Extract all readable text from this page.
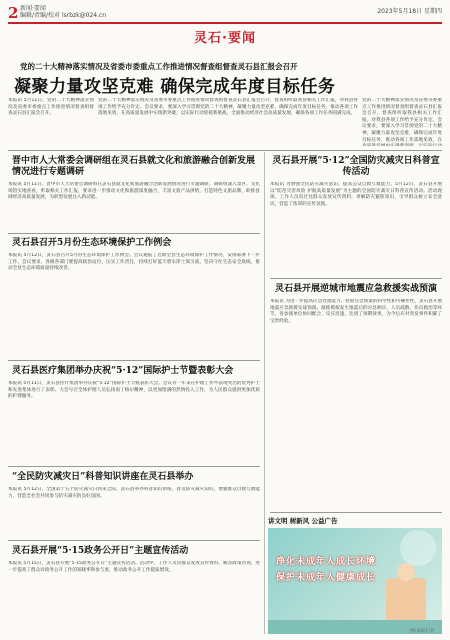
2 新闻·要闻
编辑/责编/校对 lsrbzk@024.cn
2023年5月18日 星期四
灵石·要闻
党的二十大精神落实情况及省委市委重点工作推进情况督查组督查灵石县汇报会召开
凝聚力量攻坚克难 确保完成年度目标任务
本报讯 5月11日，党的二十大精神落实情况及省委市委重点工作推进情况督查组督查灵石县汇报会召开。
党的二十大精神落实情况及省委市委重点工作推进情况督查组督查灵石县汇报会召开，督查组听取我县相关工作汇报，对我县各项工作给予充分肯定。会议要求，要深入学习贯彻党的二十大精神，凝聚力量攻坚克难，确保完成年度目标任务，推动各项工作落地见效，在高质量发展中实现新突破，以实际行动迎接新挑战，全面推动经济社会高质量发展，确保各项工作任务圆满完成。
党的二十大精神落实情况及省委市委重点工作推进情况督查组督查灵石县汇报会召开，督查组听取我县相关工作汇报，对我县各项工作给予充分肯定。会议要求，要深入学习贯彻党的二十大精神，凝聚力量攻坚克难，确保完成年度目标任务，推动各项工作落地见效，在
晋中市人大常委会调研组在灵石县就文化和旅游融合创新发展情况进行专题调研
本报讯 5月11日，晋中市人大常委会调研组在灵石县就文化和旅游融合创新发展情况进行专题调研。调研组深入景区、文化场馆实地查看，听取相关工作汇报，要求进一步推动文化和旅游深度融合，丰富文旅产品供给，打造特色文旅品牌，助推县域经济高质量发展，为转型发展注入新动能。
灵石县召开5月份生态环境保护工作例会
本报讯 5月12日，灵石县召开5月份生态环境保护工作例会。会议通报了近期全县生态环境保护工作情况，安排部署下一步工作。会议要求，各级各部门要提高政治站位，压实工作责任，持续打好蓝天碧水净土保卫战，坚决守住生态安全底线，推动全县生态环境质量持续改善。
灵石县医疗集团举办庆祝“5·12”国际护士节暨表彰大会
本报讯 5月11日，灵石县医疗集团举办庆祝“5·12”国际护士节暨表彰大会。会议对一年来在护理工作中表现突出的优秀护士和先进集体进行了表彰。大会号召全体护理人员弘扬南丁格尔精神，以更加饱满的热情投入工作，为人民群众提供更加优质的护理服务。
“全民防灾减灾日”科普知识讲座在灵石县举办
本报讯 5月12日，全国第十五个防灾减灾日到来之际，灵石县举办科普知识讲座，普及防灾减灾知识，增强群众自救互救能力，营造全社会共同参与防灾减灾的良好氛围。
灵石县开展“5·15政务公开日”主题宣传活动
本报讯 5月15日，灵石县开展“5·15政务公开日”主题宣传活动。活动中，工作人员向群众发放宣传资料，解答政策咨询，进一步提高了群众对政务公开工作的知晓率和参与度，推动政务公开工作提质增效。
灵石县开展“5·12”全国防灾减灾日科普宣传活动
本报讯 为增强全民防灾减灾意识，提高公众自救互救能力，5月12日，灵石县开展以“防范灾害风险 护航高质量发展”为主题的全国防灾减灾日科普宣传活动。活动现场，工作人员向过往群众发放宣传资料，讲解防灾避险知识，引导群众树立安全意识，营造了浓厚的宣传氛围。
灵石县开展逆城市地震应急救援实战预演
本报讯 为进一步提高应急处置能力，检验应急预案的科学性和可操作性，灵石县开展地震应急救援实战预演。演练模拟发生地震后的应急响应、人员疏散、伤员救治等环节，各参演单位协同配合、反应迅速，达到了预期效果，为今后应对突发事件积累了宝贵经验。
讲文明 树新风 公益广告
净化未成年人成长环境
保护未成年人健康成长
图/本报记者
